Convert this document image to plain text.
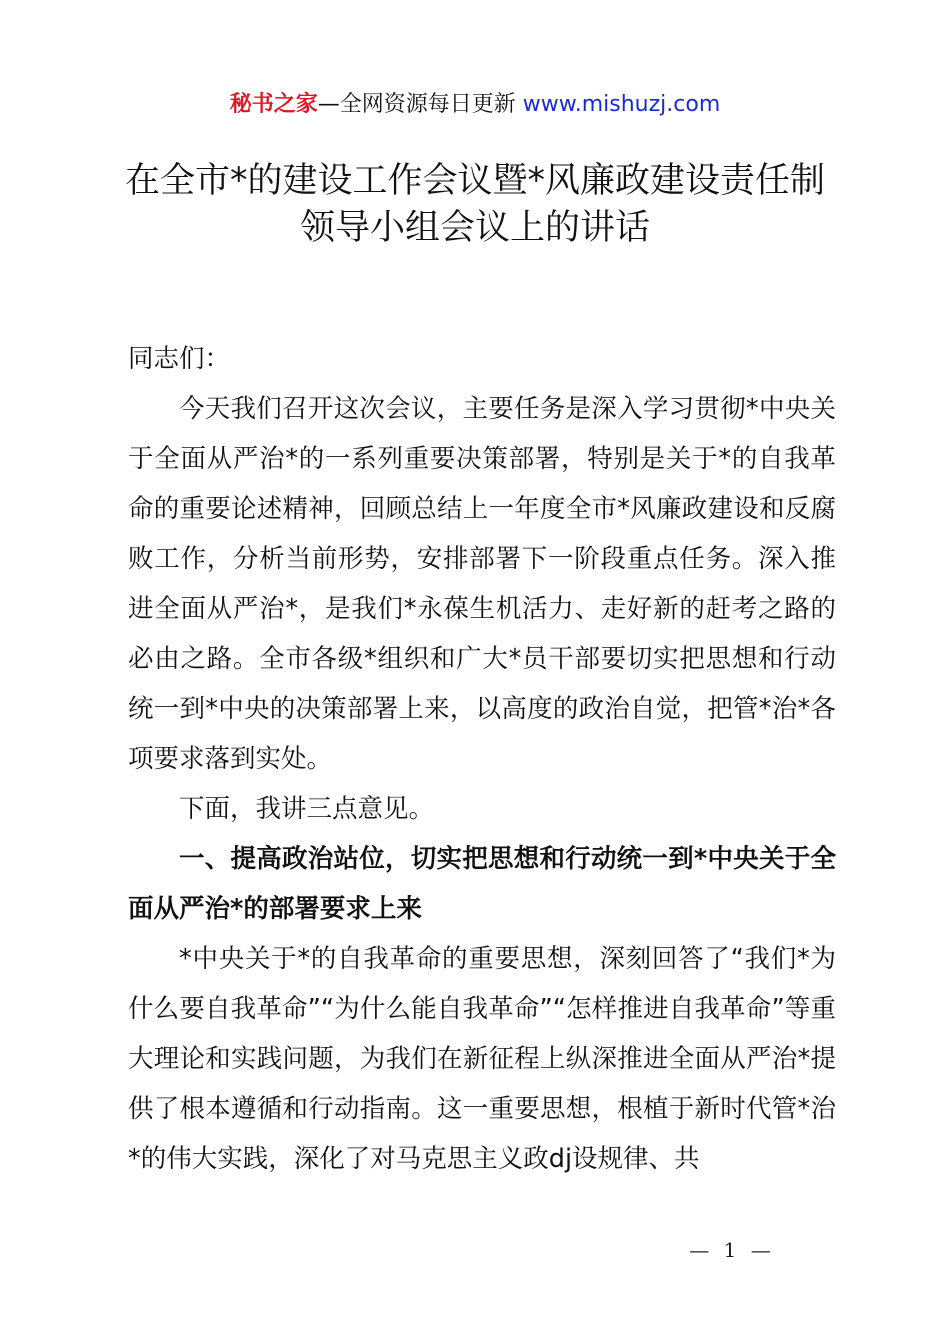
秘书之家—全网资源每日更新 www.mishuzj.com
在全市*的建设工作会议暨*风廉政建设责任制
领导小组会议上的讲话

同志们：

今天我们召开这次会议，主要任务是深入学习贯彻*中央关于全面从严治*的一系列重要决策部署，特别是关于*的自我革命的重要论述精神，回顾总结上一年度全市*风廉政建设和反腐败工作，分析当前形势，安排部署下一阶段重点任务。深入推进全面从严治*，是我们*永葆生机活力、走好新的赶考之路的必由之路。全市各级*组织和广大*员干部要切实把思想和行动统一到*中央的决策部署上来，以高度的政治自觉，把管*治*各项要求落到实处。

下面，我讲三点意见。

一、提高政治站位，切实把思想和行动统一到*中央关于全面从严治*的部署要求上来

*中央关于*的自我革命的重要思想，深刻回答了“我们*为什么要自我革命”“为什么能自我革命”“怎样推进自我革命”等重大理论和实践问题，为我们在新征程上纵深推进全面从严治*提供了根本遵循和行动指南。这一重要思想，根植于新时代管*治*的伟大实践，深化了对马克思主义政dj设规律、共

— 1 —
